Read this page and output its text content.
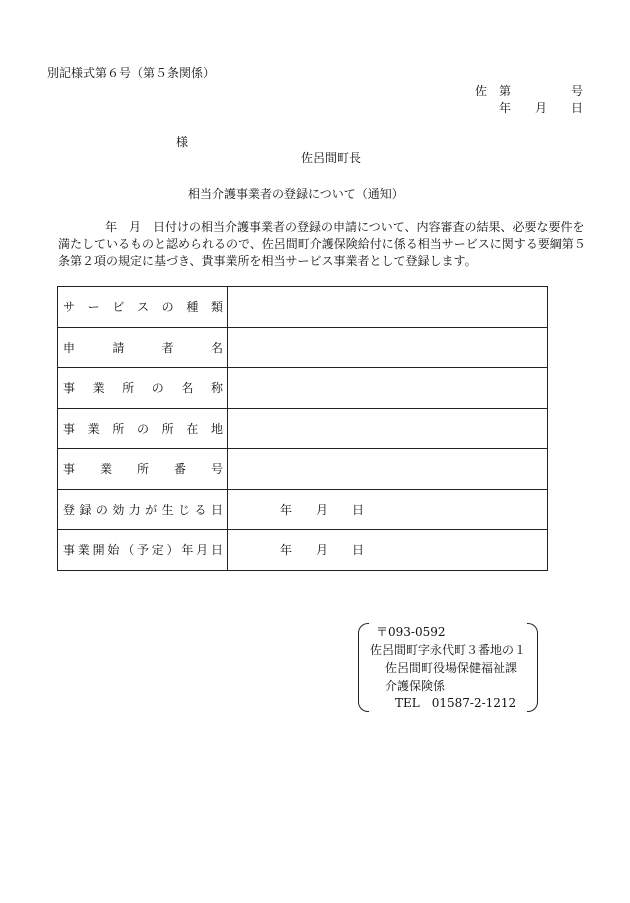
別記様式第６号（第５条関係）
佐　第　　　　　号
年　　月　　日
様
佐呂間町長
相当介護事業者の登録について（通知）
年　月　日付けの相当介護事業者の登録の申請について、内容審査の結果、必要な要件を満たしているものと認められるので、佐呂間町介護保険給付に係る相当サービスに関する要綱第５条第２項の規定に基づき、貴事業所を相当サービス事業者として登録します。
サービスの種類	

申請者名	

事業所の名称	

事業所の所在地	

事業所番号	

登録の効力が生じる日	年　　月　　日

事業開始（予定）年月日	年　　月　　日
〒093-0592
佐呂間町字永代町３番地の１
佐呂間町役場保健福祉課
介護保険係
TEL　01587-2-1212
